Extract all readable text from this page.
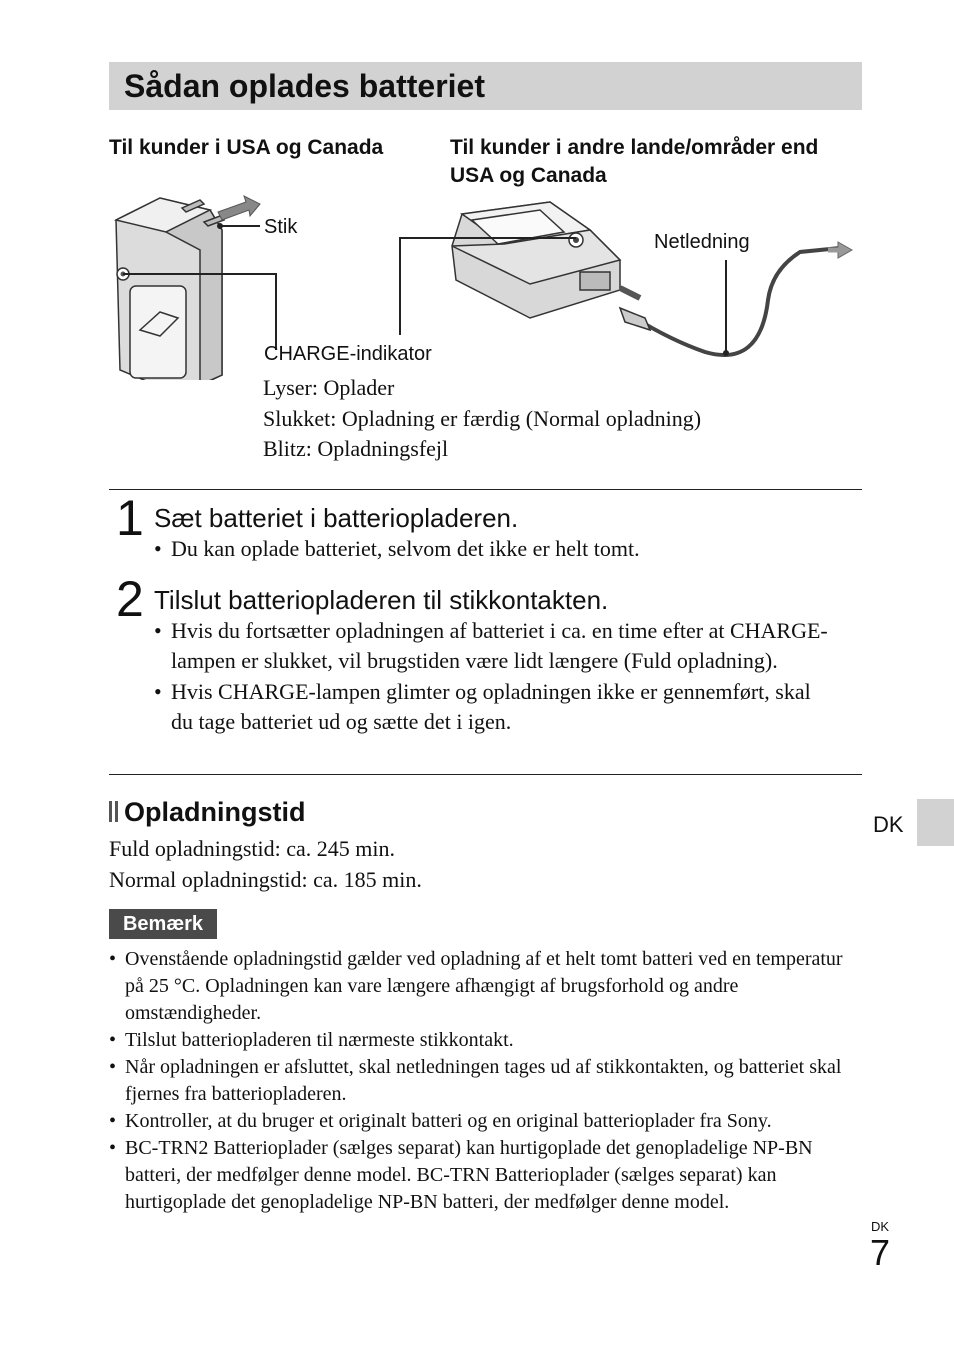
Sådan oplades batteriet
Til kunder i USA og Canada	Til kunder i andre lande/områder end USA og Canada
Stik
Netledning
CHARGE-indikator
Lyser: Oplader
Slukket: Opladning er færdig (Normal opladning)
Blitz: Opladningsfejl
1 Sæt batteriet i batteriopladeren.
• Du kan oplade batteriet, selvom det ikke er helt tomt.
2 Tilslut batteriopladeren til stikkontakten.
• Hvis du fortsætter opladningen af batteriet i ca. en time efter at CHARGE-lampen er slukket, vil brugstiden være lidt længere (Fuld opladning).
• Hvis CHARGE-lampen glimter og opladningen ikke er gennemført, skal du tage batteriet ud og sætte det i igen.
Opladningstid
Fuld opladningstid: ca. 245 min.
Normal opladningstid: ca. 185 min.
Bemærk
• Ovenstående opladningstid gælder ved opladning af et helt tomt batteri ved en temperatur på 25 °C. Opladningen kan vare længere afhængigt af brugsforhold og andre omstændigheder.
• Tilslut batteriopladeren til nærmeste stikkontakt.
• Når opladningen er afsluttet, skal netledningen tages ud af stikkontakten, og batteriet skal fjernes fra batteriopladeren.
• Kontroller, at du bruger et originalt batteri og en original batterioplader fra Sony.
• BC-TRN2 Batterioplader (sælges separat) kan hurtigoplade det genopladelige NP-BN batteri, der medfølger denne model. BC-TRN Batterioplader (sælges separat) kan hurtigoplade det genopladelige NP-BN batteri, der medfølger denne model.
DK
DK
7
